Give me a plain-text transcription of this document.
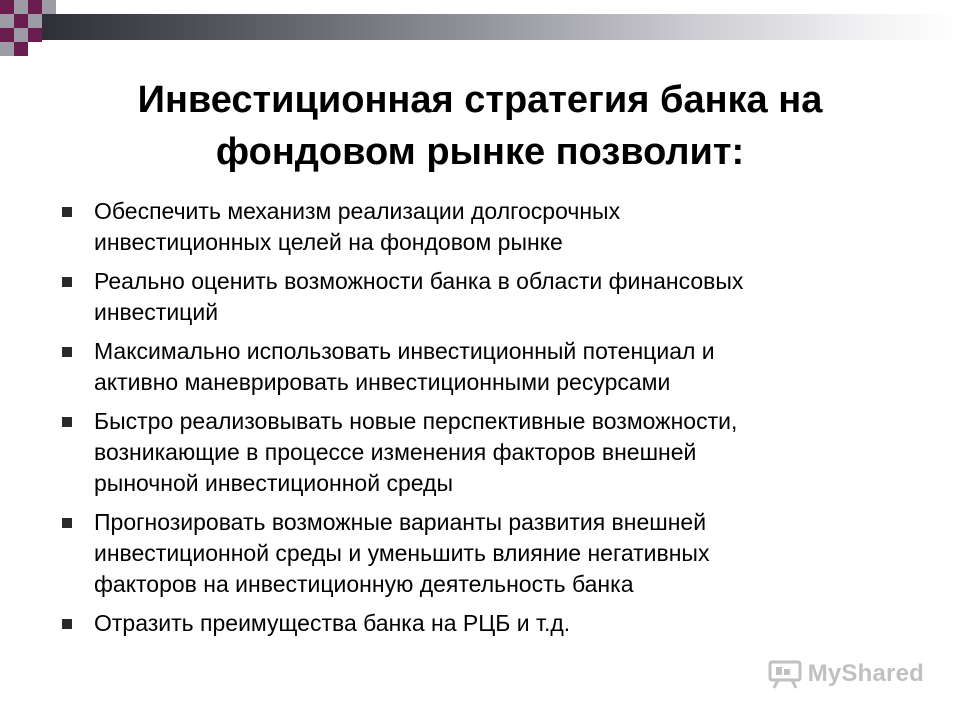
Инвестиционная стратегия банка на
фондовом рынке позволит:
Обеспечить механизм реализации долгосрочных
инвестиционных целей на фондовом рынке
Реально оценить возможности банка в области финансовых
инвестиций
Максимально использовать инвестиционный потенциал и
активно маневрировать инвестиционными ресурсами
Быстро реализовывать новые перспективные возможности,
возникающие в процессе изменения факторов внешней
рыночной инвестиционной среды
Прогнозировать возможные варианты развития внешней
инвестиционной среды и уменьшить влияние негативных
факторов на инвестиционную деятельность банка
Отразить преимущества банка на РЦБ и т.д.
MyShared
